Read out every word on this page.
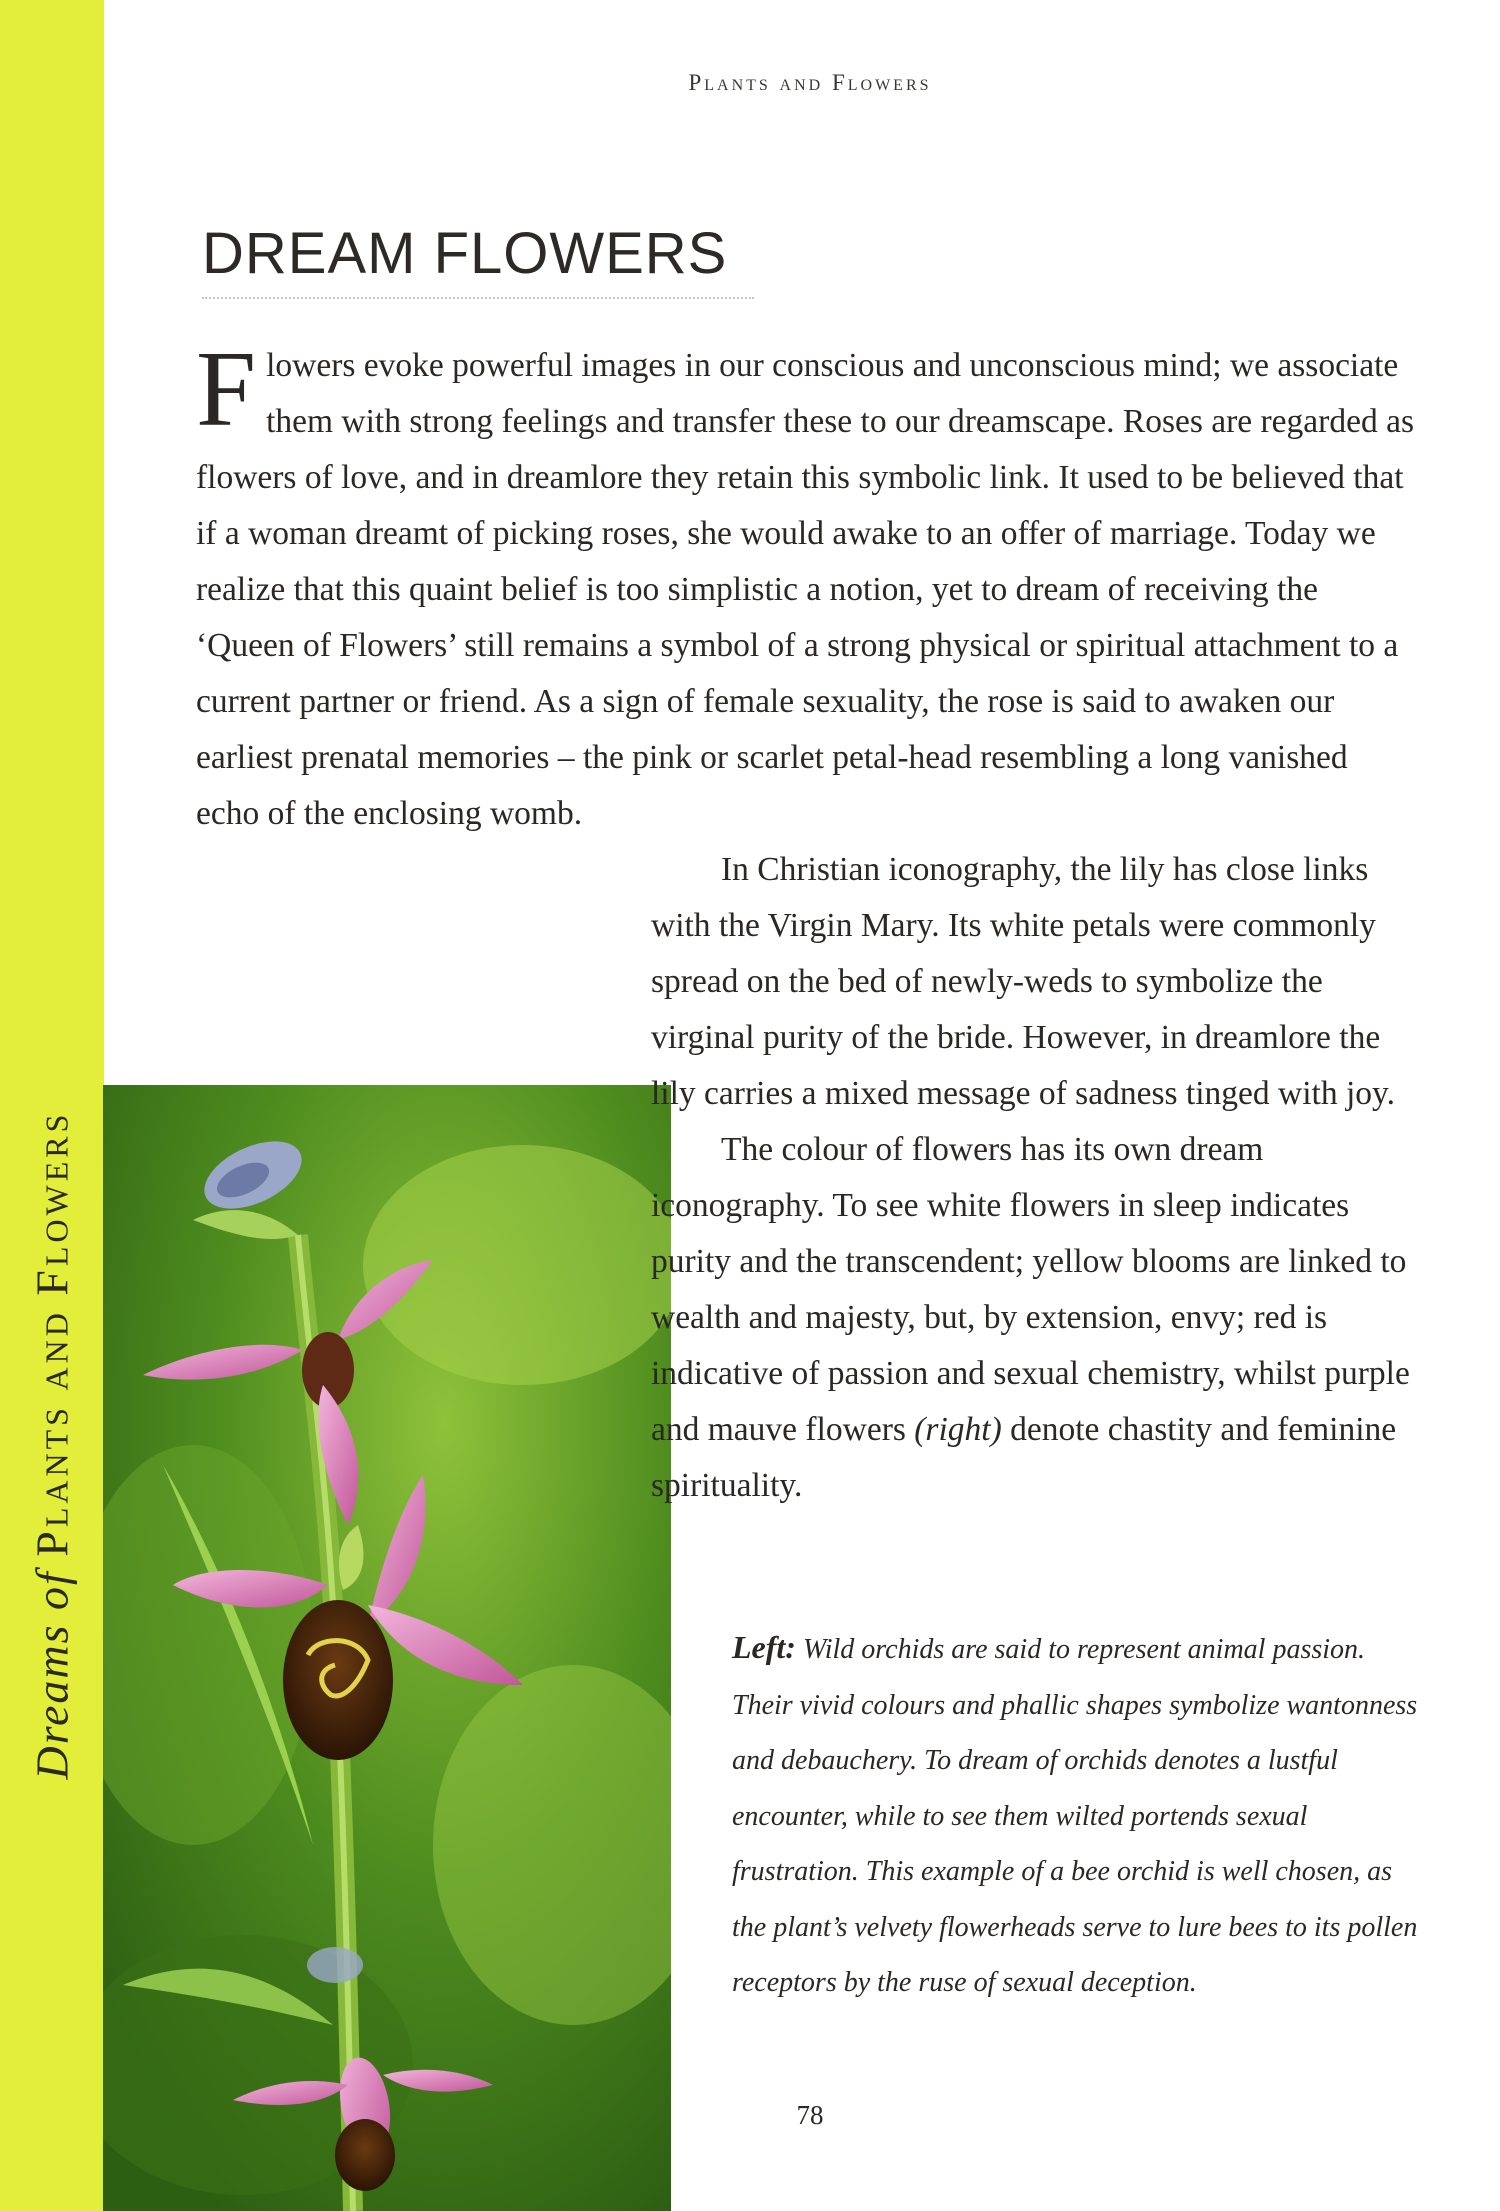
Dreams of Plants and Flowers
Plants and Flowers
DREAM FLOWERS

Flowers evoke powerful images in our conscious and unconscious mind; we associate them with strong feelings and transfer these to our dreamscape. Roses are regarded as flowers of love, and in dreamlore they retain this symbolic link. It used to be believed that if a woman dreamt of picking roses, she would awake to an offer of marriage. Today we realize that this quaint belief is too simplistic a notion, yet to dream of receiving the ‘Queen of Flowers’ still remains a symbol of a strong physical or spiritual attachment to a current partner or friend. As a sign of female sexuality, the rose is said to awaken our earliest prenatal memories – the pink or scarlet petal-head resembling a long vanished echo of the enclosing womb.

In Christian iconography, the lily has close links with the Virgin Mary. Its white petals were commonly spread on the bed of newly-weds to symbolize the virginal purity of the bride. However, in dreamlore the lily carries a mixed message of sadness tinged with joy.

The colour of flowers has its own dream iconography. To see white flowers in sleep indicates purity and the transcendent; yellow blooms are linked to wealth and majesty, but, by extension, envy; red is indicative of passion and sexual chemistry, whilst purple and mauve flowers (right) denote chastity and feminine spirituality.

Left: Wild orchids are said to represent animal passion. Their vivid colours and phallic shapes symbolize wantonness and debauchery. To dream of orchids denotes a lustful encounter, while to see them wilted portends sexual frustration. This example of a bee orchid is well chosen, as the plant’s velvety flowerheads serve to lure bees to its pollen receptors by the ruse of sexual deception.
78
